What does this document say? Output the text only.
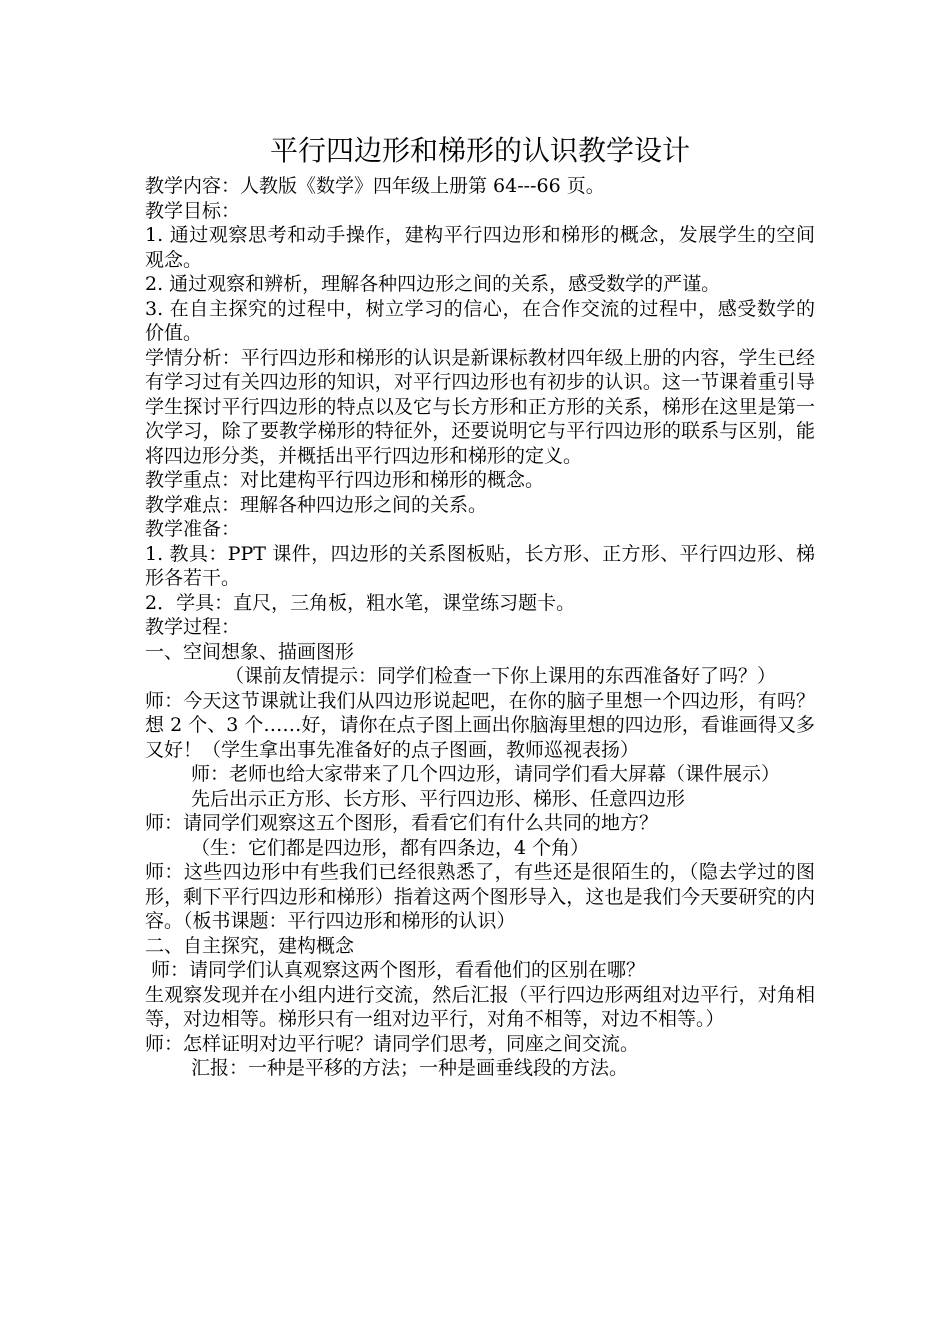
平行四边形和梯形的认识教学设计

教学内容：人教版《数学》四年级上册第 64---66 页。

教学目标：

1. 通过观察思考和动手操作，建构平行四边形和梯形的概念，发展学生的空间观念。

2. 通过观察和辨析，理解各种四边形之间的关系，感受数学的严谨。

3. 在自主探究的过程中，树立学习的信心，在合作交流的过程中，感受数学的价值。

学情分析：平行四边形和梯形的认识是新课标教材四年级上册的内容，学生已经有学习过有关四边形的知识，对平行四边形也有初步的认识。这一节课着重引导学生探讨平行四边形的特点以及它与长方形和正方形的关系，梯形在这里是第一次学习，除了要教学梯形的特征外，还要说明它与平行四边形的联系与区别，能将四边形分类，并概括出平行四边形和梯形的定义。

教学重点：对比建构平行四边形和梯形的概念。

教学难点：理解各种四边形之间的关系。

教学准备：

1. 教具：PPT 课件，四边形的关系图板贴，长方形、正方形、平行四边形、梯形各若干。

2．学具：直尺，三角板，粗水笔，课堂练习题卡。

教学过程：

一、空间想象、描画图形

（课前友情提示：同学们检查一下你上课用的东西准备好了吗？）

师：今天这节课就让我们从四边形说起吧，在你的脑子里想一个四边形，有吗？想 2 个、3 个……好，请你在点子图上画出你脑海里想的四边形，看谁画得又多又好！（学生拿出事先准备好的点子图画，教师巡视表扬）

师：老师也给大家带来了几个四边形，请同学们看大屏幕（课件展示）

先后出示正方形、长方形、平行四边形、梯形、任意四边形

师：请同学们观察这五个图形，看看它们有什么共同的地方？

（生：它们都是四边形，都有四条边，4 个角）

师：这些四边形中有些我们已经很熟悉了，有些还是很陌生的，（隐去学过的图形，剩下平行四边形和梯形）指着这两个图形导入，这也是我们今天要研究的内容。（板书课题：平行四边形和梯形的认识）

二、自主探究，建构概念

师：请同学们认真观察这两个图形，看看他们的区别在哪？

生观察发现并在小组内进行交流，然后汇报（平行四边形两组对边平行，对角相等，对边相等。梯形只有一组对边平行，对角不相等，对边不相等。）

师：怎样证明对边平行呢？请同学们思考，同座之间交流。

汇报：一种是平移的方法；一种是画垂线段的方法。
